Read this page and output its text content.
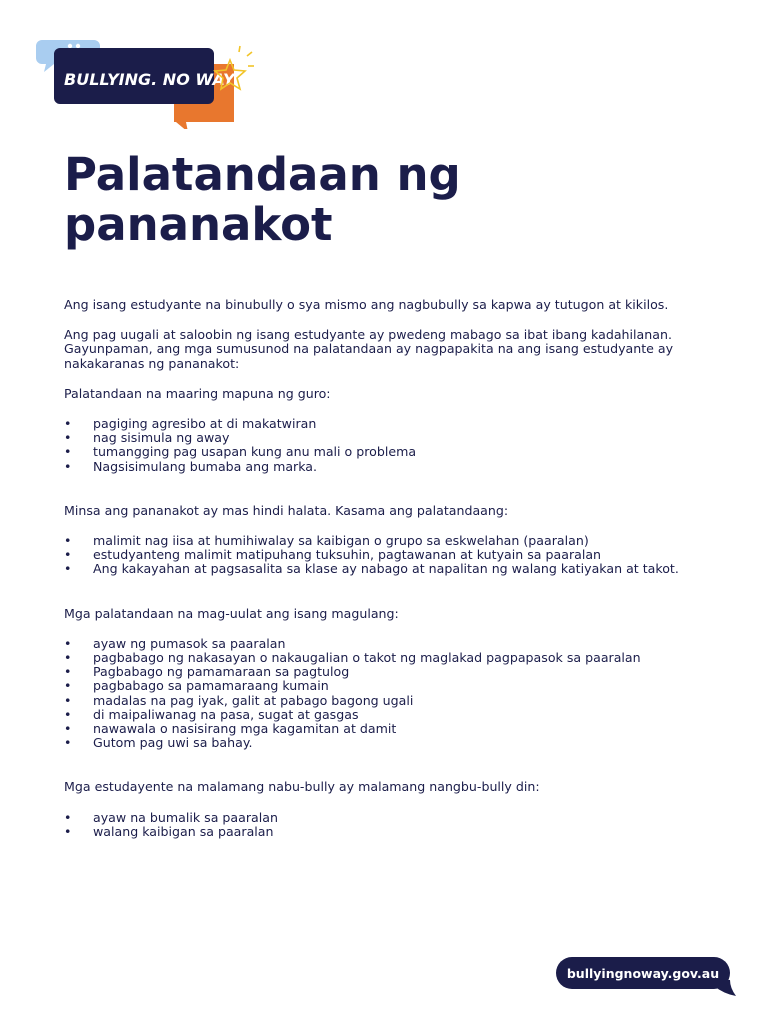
BULLYING. NO WAY!
Palatandaan ng pananakot

Ang isang estudyante na binubully o sya mismo ang nagbubully sa kapwa ay tutugon at kikilos.

Ang pag uugali at saloobin ng isang estudyante ay pwedeng mabago sa ibat ibang kadahilanan. Gayunpaman, ang mga sumusunod na palatandaan ay nagpapakita na ang isang estudyante ay nakakaranas ng pananakot:

Palatandaan na maaring mapuna ng guro:

• pagiging agresibo at di makatwiran
• nag sisimula ng away
• tumangging pag usapan kung anu mali o problema
• Nagsisimulang bumaba ang marka.

Minsa ang pananakot ay mas hindi halata. Kasama ang palatandaang:

• malimit nag iisa at humihiwalay sa kaibigan o grupo sa eskwelahan (paaralan)
• estudyanteng malimit matipuhang tuksuhin, pagtawanan at kutyain sa paaralan
• Ang kakayahan at pagsasalita sa klase ay nabago at napalitan ng walang katiyakan at takot.

Mga palatandaan na mag-uulat ang isang magulang:

• ayaw ng pumasok sa paaralan
• pagbabago ng nakasayan o nakaugalian o takot ng maglakad pagpapasok sa paaralan
• Pagbabago ng pamamaraan sa pagtulog
• pagbabago sa pamamaraang kumain
• madalas na pag iyak, galit at pabago bagong ugali
• di maipaliwanag na pasa, sugat at gasgas
• nawawala o nasisirang mga kagamitan at damit
• Gutom pag uwi sa bahay.

Mga estudayente na malamang nabu-bully ay malamang nangbu-bully din:

• ayaw na bumalik sa paaralan
• walang kaibigan sa paaralan
bullyingnoway.gov.au
